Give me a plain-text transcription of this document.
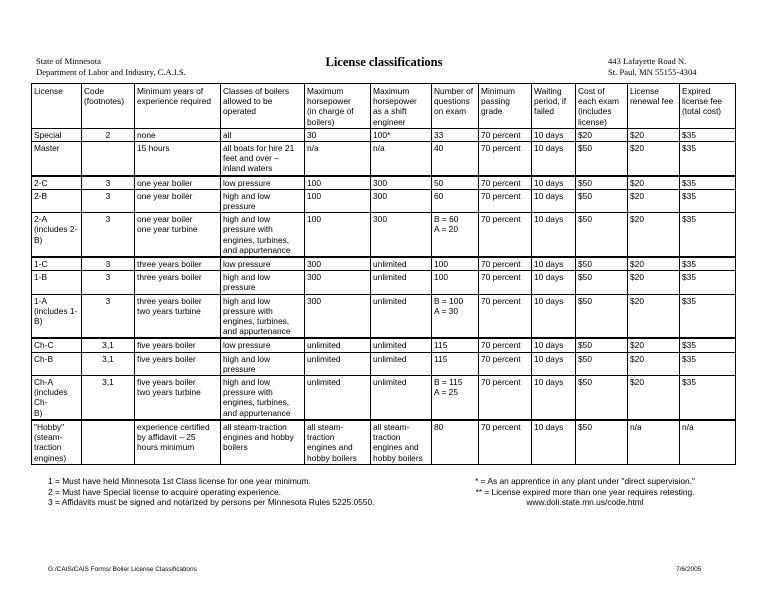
State of Minnesota
Department of Labor and Industry, C.A.I.S.
License classifications	443 Lafayette Road N.
St. Paul, MN 55155-4304
License	Code
(footnotes)	Minimum years of
experience required	Classes of boilers
allowed to be
operated	Maximum
horsepower
(in charge of
boilers)	Maximum
horsepower
as a shift
engineer	Number of
questions
on exam	Minimum
passing
grade	Waiting
period, if
failed	Cost of
each exam
(includes
license)	License
renewal fee	Expired
license fee
(total cost)
Special	2	none	all	30	100*	33	70 percent	10 days	$20	$20	$35
Master		15 hours	all boats for hire 21
feet and over –
inland waters	n/a	n/a	40	70 percent	10 days	$50	$20	$35
2-C	3	one year boiler	low pressure	100	300	50	70 percent	10 days	$50	$20	$35
2-B	3	one year boiler	high and low
pressure	100	300	60	70 percent	10 days	$50	$20	$35
2-A
(includes 2-B)	3	one year boiler
one year turbine	high and low
pressure with
engines, turbines,
and appurtenance	100	300	B = 60
A = 20	70 percent	10 days	$50	$20	$35
1-C	3	three years boiler	low pressure	300	unlimited	100	70 percent	10 days	$50	$20	$35
1-B	3	three years boiler	high and low
pressure	300	unlimited	100	70 percent	10 days	$50	$20	$35
1-A
(includes 1-B)	3	three years boiler
two years turbine	high and low
pressure with
engines, turbines,
and appurtenance	300	unlimited	B = 100
A = 30	70 percent	10 days	$50	$20	$35
Ch-C	3,1	five years boiler	low pressure	unlimited	unlimited	115	70 percent	10 days	$50	$20	$35
Ch-B	3,1	five years boiler	high and low
pressure	unlimited	unlimited	115	70 percent	10 days	$50	$20	$35
Ch-A
(includes Ch-
B)	3,1	five years boiler
two years turbine	high and low
pressure with
engines, turbines,
and appurtenance	unlimited	unlimited	B = 115
A = 25	70 percent	10 days	$50	$20	$35
"Hobby"
(steam-
traction
engines)		experience certified
by affidavit – 25
hours minimum	all steam-traction
engines and hobby
boilers	all steam-
traction
engines and
hobby boilers	all steam-
traction
engines and
hobby boilers	80	70 percent	10 days	$50	n/a	n/a
1 = Must have held Minnesota 1st Class license for one year minimum.
2 = Must have Special license to acquire operating experience.
3 = Affidavits must be signed and notarized by persons per Minnesota Rules 5225.0550.
* = As an apprentice in any plant under "direct supervision."
** = License expired more than one year requires retesting.
www.doli.state.mn.us/code.html
G:/CAIS/CAIS Forms/ Boiler License Classifications	7/6/2005
